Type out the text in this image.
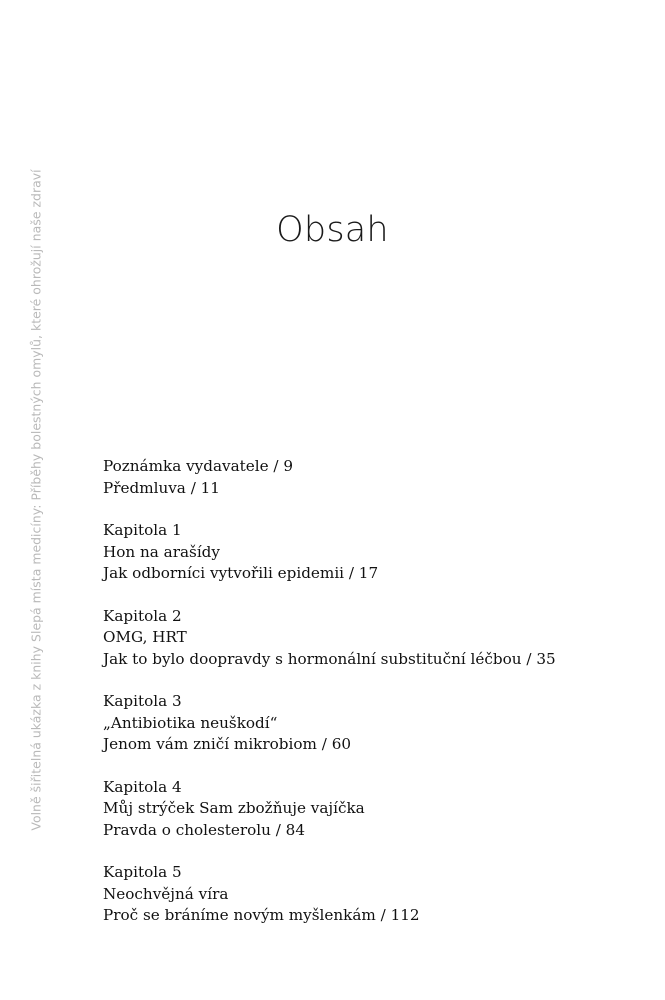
Volně šiřitelná ukázka z knihy Slepá místa medicíny: Příběhy bolestných omylů, které ohrožují naše zdraví	Obsah
Poznámka vydavatele / 9
Předmluva / 11
Kapitola 1
Hon na arašídy
Jak odborníci vytvořili epidemii / 17
Kapitola 2
OMG, HRT
Jak to bylo doopravdy s hormonální substituční léčbou / 35
Kapitola 3
„Antibiotika neuškodí“
Jenom vám zničí mikrobiom / 60
Kapitola 4
Můj strýček Sam zbožňuje vajíčka
Pravda o cholesterolu / 84
Kapitola 5
Neochvějná víra
Proč se bráníme novým myšlenkám / 112
